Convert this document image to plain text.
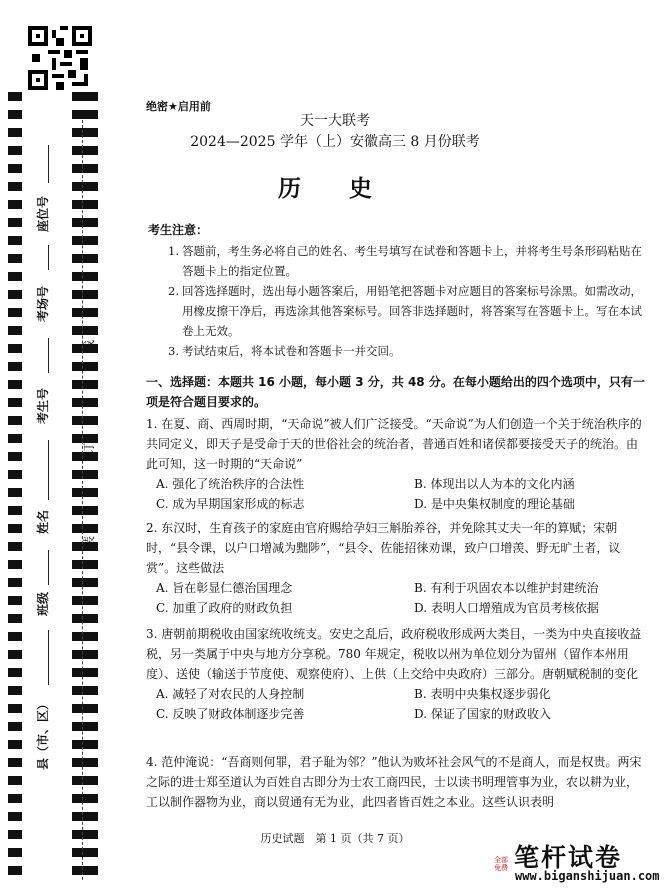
座位号
考场号
考生号
姓名
班级
县（市、区）
线
订
装
绝密★启用前
天一大联考
2024—2025 学年（上）安徽高三 8 月份联考
历 史
考生注意：
1. 答题前，考生务必将自己的姓名、考生号填写在试卷和答题卡上，并将考生号条形码粘贴在答题卡上的指定位置。
2. 回答选择题时，选出每小题答案后，用铅笔把答题卡对应题目的答案标号涂黑。如需改动，用橡皮擦干净后，再选涂其他答案标号。回答非选择题时，将答案写在答题卡上。写在本试卷上无效。
3. 考试结束后，将本试卷和答题卡一并交回。
一、选择题：本题共 16 小题，每小题 3 分，共 48 分。在每小题给出的四个选项中，只有一项是符合题目要求的。
1. 在夏、商、西周时期，“天命说”被人们广泛接受。“天命说”为人们创造一个关于统治秩序的共同定义，即天子是受命于天的世俗社会的统治者，普通百姓和诸侯都要接受天子的统治。由此可知，这一时期的“天命说”
A. 强化了统治秩序的合法性	B. 体现出以人为本的文化内涵
C. 成为早期国家形成的标志	D. 是中央集权制度的理论基础
2. 东汉时，生育孩子的家庭由官府赐给孕妇三斛胎养谷，并免除其丈夫一年的算赋；宋朝时，“县令课，以户口增减为黜陟”，“县令、佐能招徕劝课，致户口增羡、野无旷土者，议赏”。这些做法
A. 旨在彰显仁德治国理念	B. 有利于巩固农本以维护封建统治
C. 加重了政府的财政负担	D. 表明人口增殖成为官员考核依据
3. 唐朝前期税收由国家统收统支。安史之乱后，政府税收形成两大类目，一类为中央直接收益税，另一类属于中央与地方分享税。780 年规定，税收以州为单位划分为留州（留作本州用度）、送使（输送于节度使、观察使府）、上供（上交给中央政府）三部分。唐朝赋税制的变化
A. 减轻了对农民的人身控制	B. 表明中央集权逐步弱化
C. 反映了财政体制逐步完善	D. 保证了国家的财政收入
4. 范仲淹说：“吾商则何罪，君子耻为邻？”他认为败坏社会风气的不是商人，而是权贵。两宋之际的进士郑至道认为百姓自古即分为士农工商四民，士以读书明理管事为业，农以耕为业，工以制作器物为业，商以贸通有无为业，此四者皆百姓之本业。这些认识表明
历史试题　第 1 页（共 7 页）
全部免费 笔杆试卷
www.biganshijuan.com
